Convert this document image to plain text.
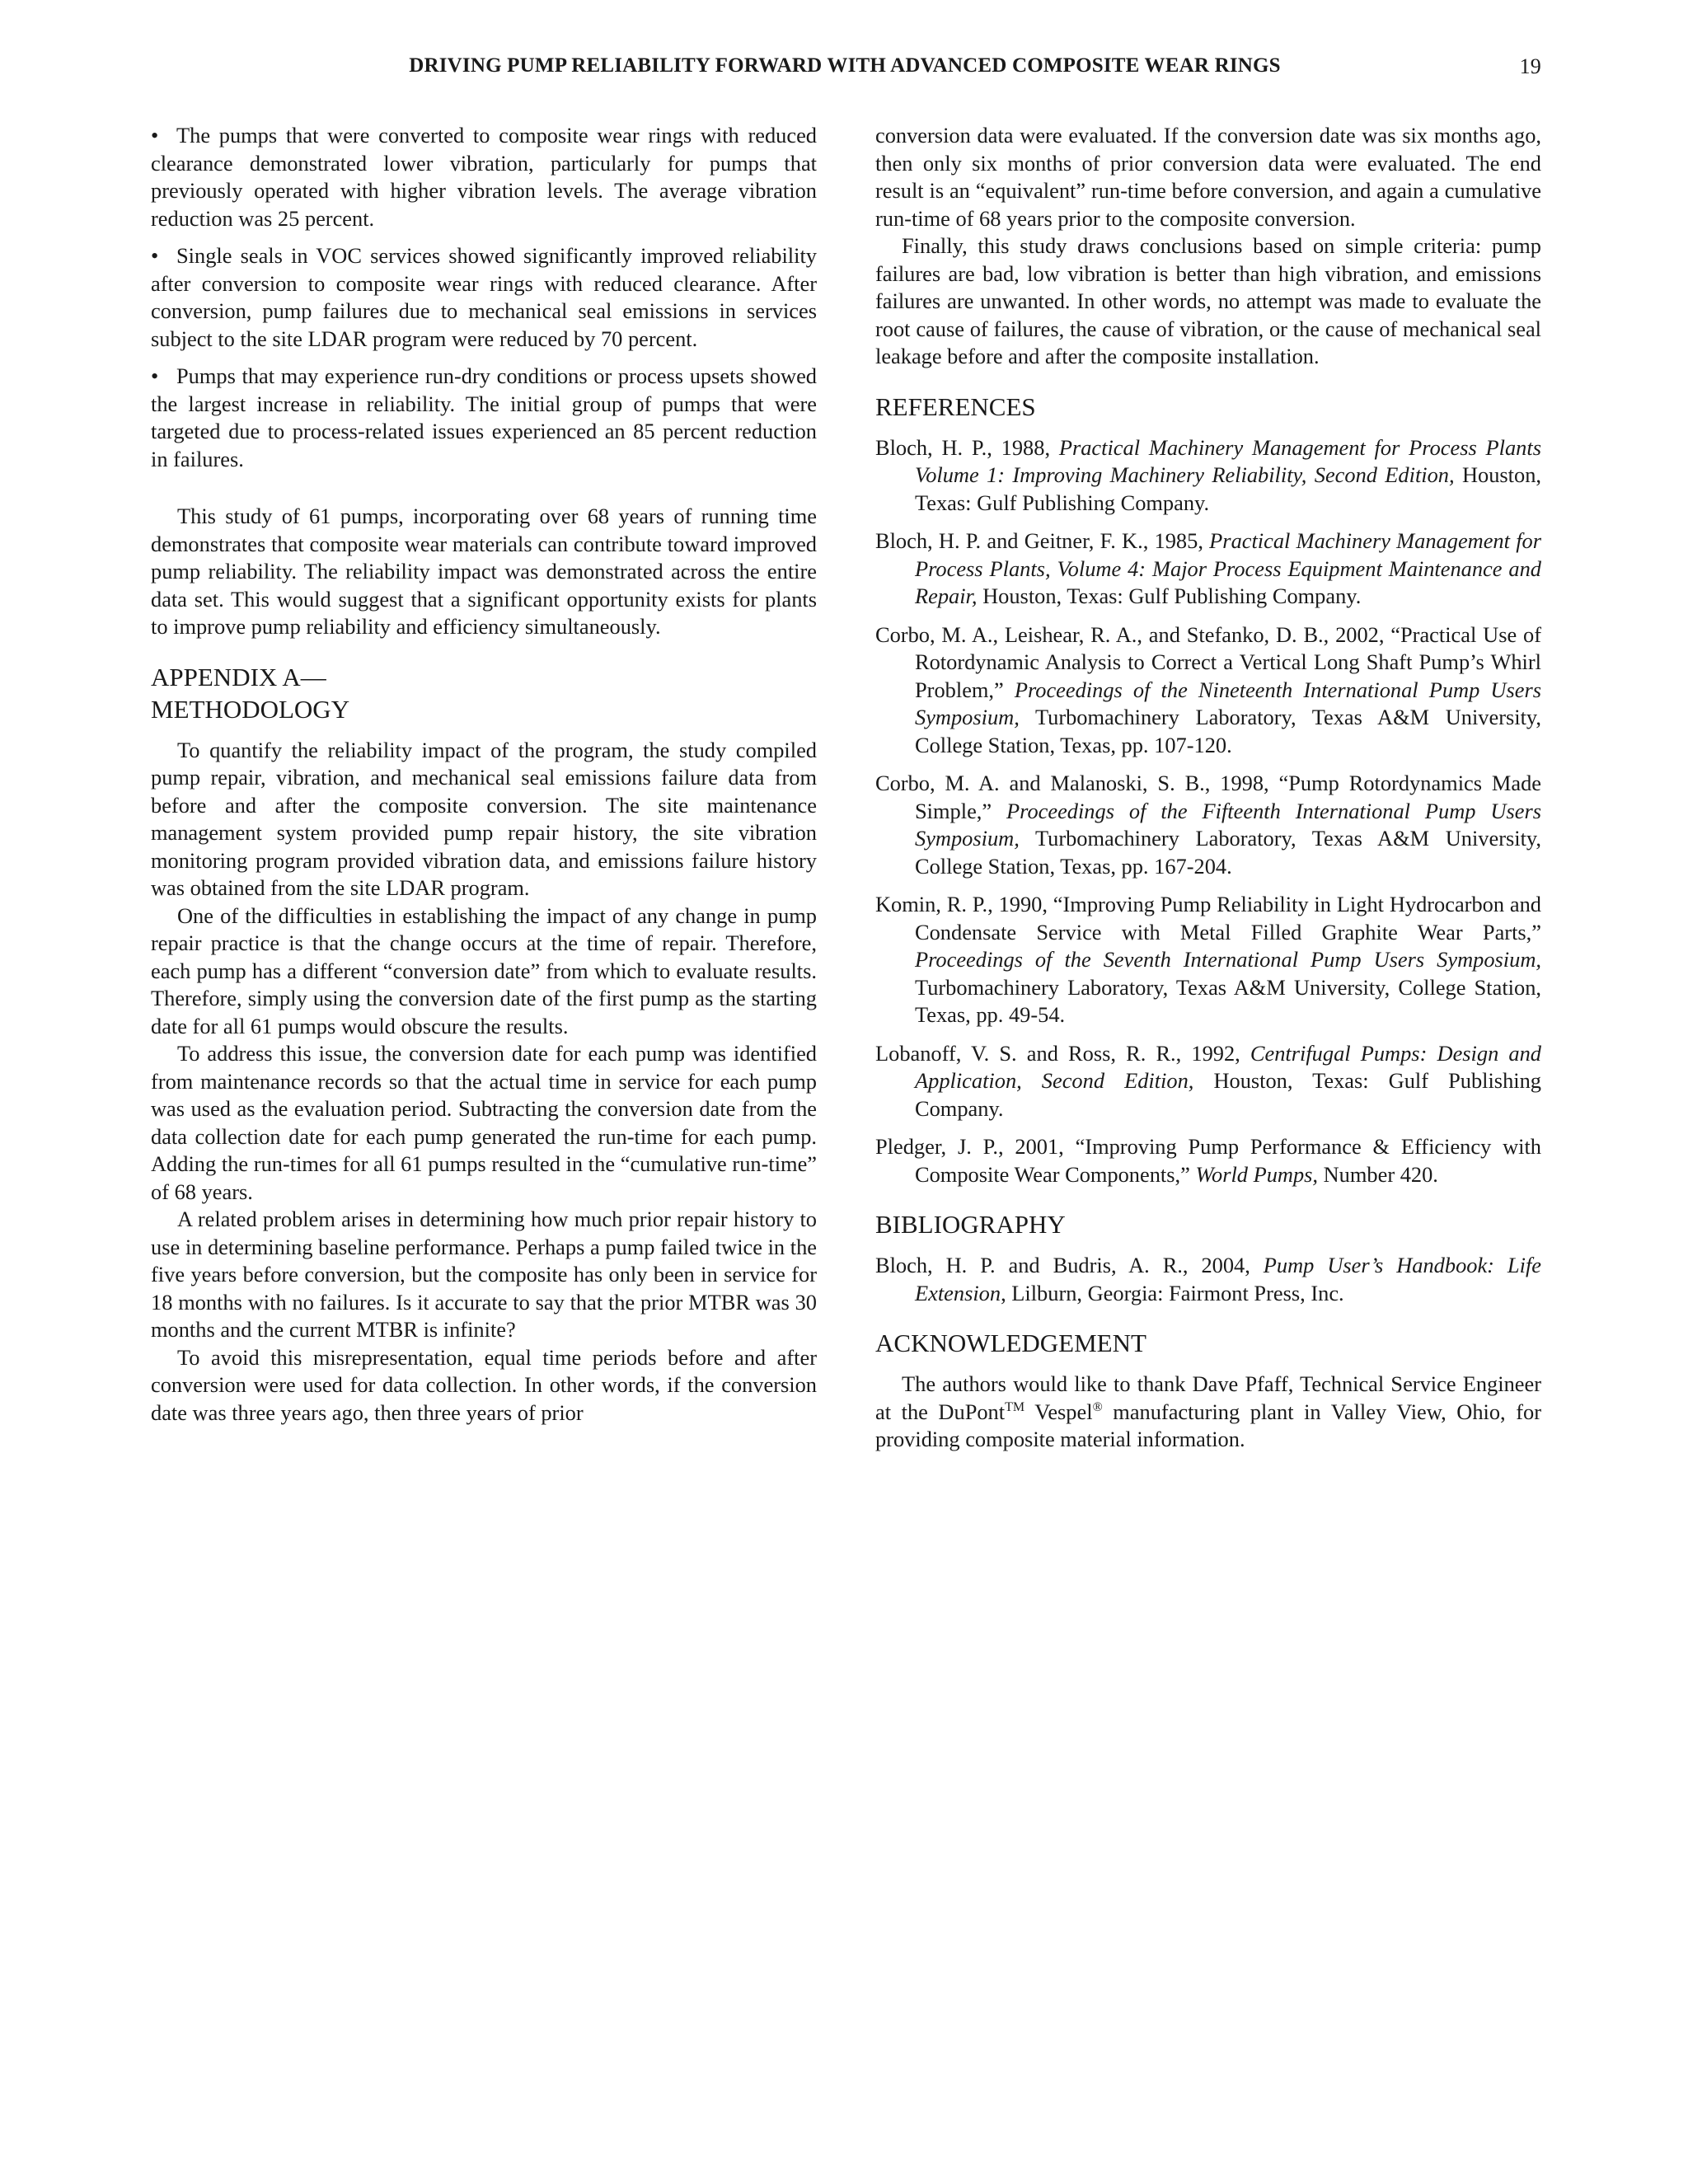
DRIVING PUMP RELIABILITY FORWARD WITH ADVANCED COMPOSITE WEAR RINGS	19

• The pumps that were converted to composite wear rings with reduced clearance demonstrated lower vibration, particularly for pumps that previously operated with higher vibration levels. The average vibration reduction was 25 percent.

• Single seals in VOC services showed significantly improved reliability after conversion to composite wear rings with reduced clearance. After conversion, pump failures due to mechanical seal emissions in services subject to the site LDAR program were reduced by 70 percent.

• Pumps that may experience run-dry conditions or process upsets showed the largest increase in reliability. The initial group of pumps that were targeted due to process-related issues experienced an 85 percent reduction in failures.

This study of 61 pumps, incorporating over 68 years of running time demonstrates that composite wear materials can contribute toward improved pump reliability. The reliability impact was demonstrated across the entire data set. This would suggest that a significant opportunity exists for plants to improve pump reliability and efficiency simultaneously.

APPENDIX A—
METHODOLOGY

To quantify the reliability impact of the program, the study compiled pump repair, vibration, and mechanical seal emissions failure data from before and after the composite conversion. The site maintenance management system provided pump repair history, the site vibration monitoring program provided vibration data, and emissions failure history was obtained from the site LDAR program.

One of the difficulties in establishing the impact of any change in pump repair practice is that the change occurs at the time of repair. Therefore, each pump has a different “conversion date” from which to evaluate results. Therefore, simply using the conversion date of the first pump as the starting date for all 61 pumps would obscure the results.

To address this issue, the conversion date for each pump was identified from maintenance records so that the actual time in service for each pump was used as the evaluation period. Subtracting the conversion date from the data collection date for each pump generated the run-time for each pump. Adding the run-times for all 61 pumps resulted in the “cumulative run-time” of 68 years.

A related problem arises in determining how much prior repair history to use in determining baseline performance. Perhaps a pump failed twice in the five years before conversion, but the composite has only been in service for 18 months with no failures. Is it accurate to say that the prior MTBR was 30 months and the current MTBR is infinite?

To avoid this misrepresentation, equal time periods before and after conversion were used for data collection. In other words, if the conversion date was three years ago, then three years of prior

conversion data were evaluated. If the conversion date was six months ago, then only six months of prior conversion data were evaluated. The end result is an “equivalent” run-time before conversion, and again a cumulative run-time of 68 years prior to the composite conversion.

Finally, this study draws conclusions based on simple criteria: pump failures are bad, low vibration is better than high vibration, and emissions failures are unwanted. In other words, no attempt was made to evaluate the root cause of failures, the cause of vibration, or the cause of mechanical seal leakage before and after the composite installation.

REFERENCES

Bloch, H. P., 1988, Practical Machinery Management for Process Plants Volume 1: Improving Machinery Reliability, Second Edition, Houston, Texas: Gulf Publishing Company.

Bloch, H. P. and Geitner, F. K., 1985, Practical Machinery Management for Process Plants, Volume 4: Major Process Equipment Maintenance and Repair, Houston, Texas: Gulf Publishing Company.

Corbo, M. A., Leishear, R. A., and Stefanko, D. B., 2002, “Practical Use of Rotordynamic Analysis to Correct a Vertical Long Shaft Pump’s Whirl Problem,” Proceedings of the Nineteenth International Pump Users Symposium, Turbomachinery Laboratory, Texas A&M University, College Station, Texas, pp. 107-120.

Corbo, M. A. and Malanoski, S. B., 1998, “Pump Rotordynamics Made Simple,” Proceedings of the Fifteenth International Pump Users Symposium, Turbomachinery Laboratory, Texas A&M University, College Station, Texas, pp. 167-204.

Komin, R. P., 1990, “Improving Pump Reliability in Light Hydrocarbon and Condensate Service with Metal Filled Graphite Wear Parts,” Proceedings of the Seventh International Pump Users Symposium, Turbomachinery Laboratory, Texas A&M University, College Station, Texas, pp. 49-54.

Lobanoff, V. S. and Ross, R. R., 1992, Centrifugal Pumps: Design and Application, Second Edition, Houston, Texas: Gulf Publishing Company.

Pledger, J. P., 2001, “Improving Pump Performance & Efficiency with Composite Wear Components,” World Pumps, Number 420.

BIBLIOGRAPHY

Bloch, H. P. and Budris, A. R., 2004, Pump User’s Handbook: Life Extension, Lilburn, Georgia: Fairmont Press, Inc.

ACKNOWLEDGEMENT

The authors would like to thank Dave Pfaff, Technical Service Engineer at the DuPont™ Vespel® manufacturing plant in Valley View, Ohio, for providing composite material information.
